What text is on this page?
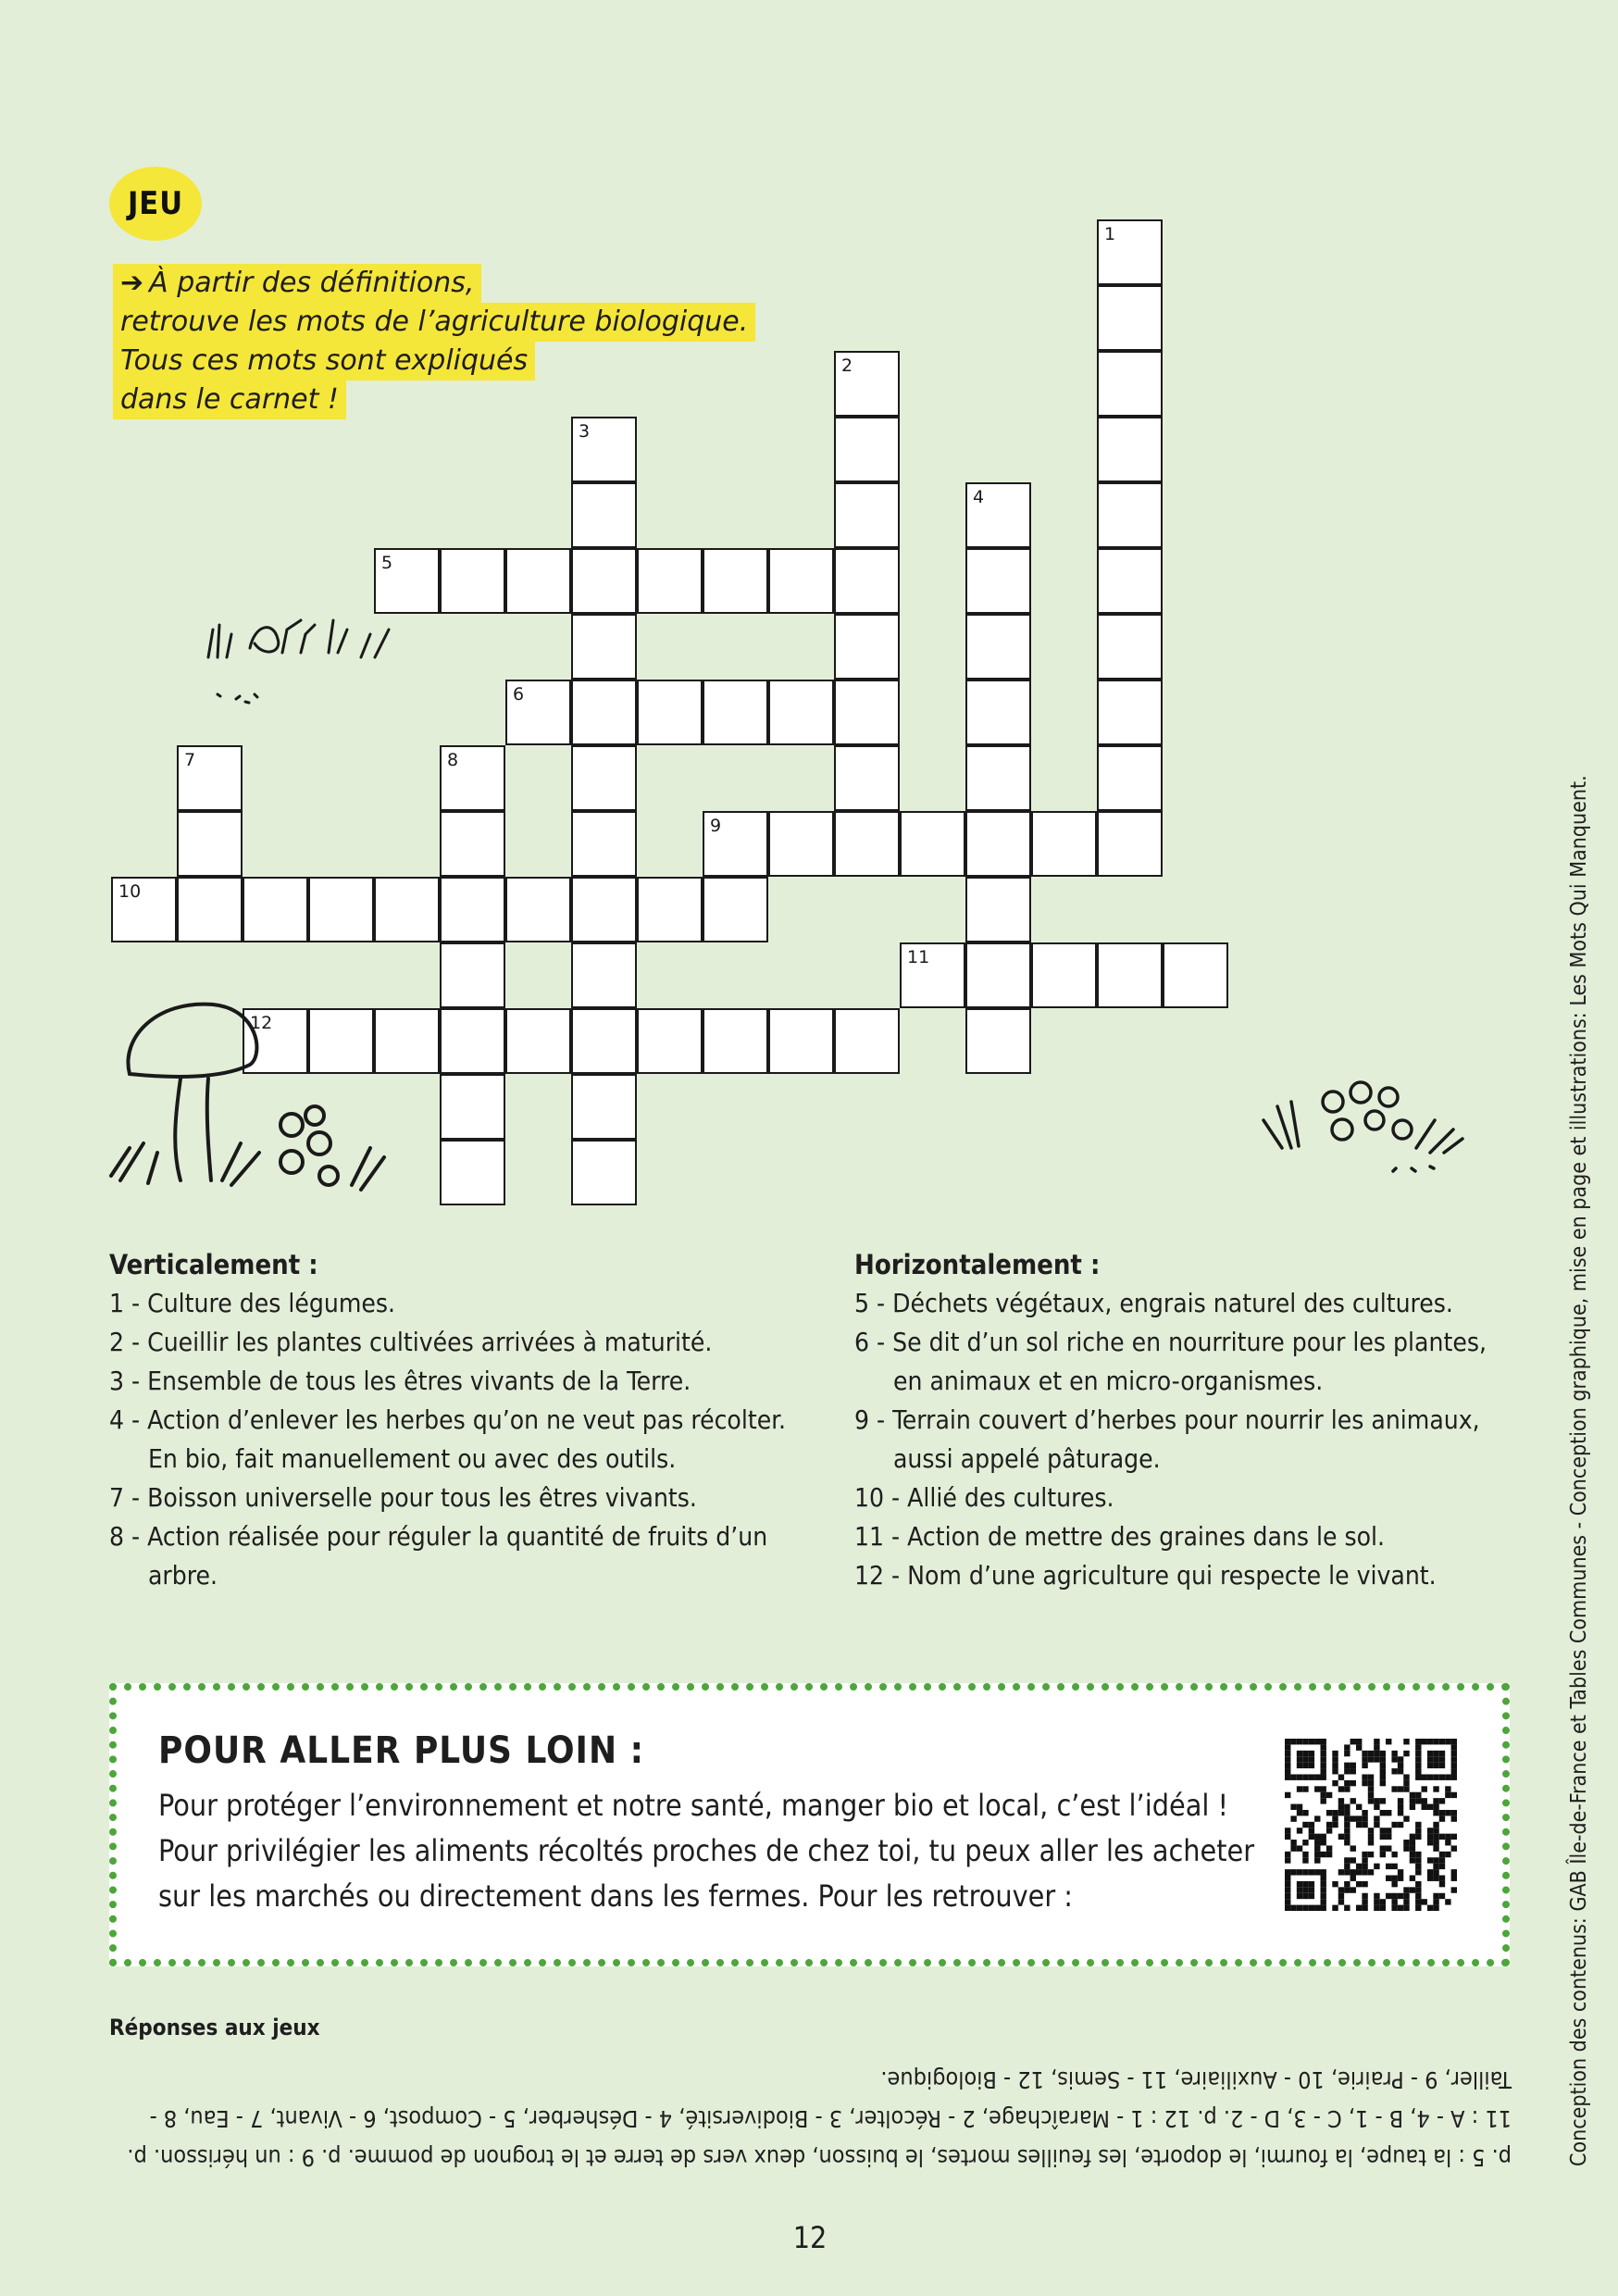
JEU
➔ À partir des définitions,
retrouve les mots de l’agriculture biologique.
Tous ces mots sont expliqués
dans le carnet !
1
2
3
4
5
6
7	8
9
10
11
12
Verticalement :
1 - Culture des légumes.
2 - Cueillir les plantes cultivées arrivées à maturité.
3 - Ensemble de tous les êtres vivants de la Terre.
4 - Action d’enlever les herbes qu’on ne veut pas récolter. En bio, fait manuellement ou avec des outils.
7 - Boisson universelle pour tous les êtres vivants.
8 - Action réalisée pour réguler la quantité de fruits d’un arbre.
Horizontalement :
5 - Déchets végétaux, engrais naturel des cultures.
6 - Se dit d’un sol riche en nourriture pour les plantes, en animaux et en micro-organismes.
9 - Terrain couvert d’herbes pour nourrir les animaux, aussi appelé pâturage.
10 - Allié des cultures.
11 - Action de mettre des graines dans le sol.
12 - Nom d’une agriculture qui respecte le vivant.
POUR ALLER PLUS LOIN :
Pour protéger l’environnement et notre santé, manger bio et local, c’est l’idéal ! Pour privilégier les aliments récoltés proches de chez toi, tu peux aller les acheter sur les marchés ou directement dans les fermes. Pour les retrouver :
Réponses aux jeux
p. 5 : la taupe, la fourmi, le doporte, les feuilles mortes, le buisson, deux vers de terre et le trognon de pomme. p. 9 : un hérisson. p. 11 : A - 4, B - 1, C - 3, D - 2. p. 12 : 1 - Maraîchage, 2 - Récolter, 3 - Biodiversité, 4 - Désherber, 5 - Compost, 6 - Vivant, 7 - Eau, 8 - Tailler, 9 - Prairie, 10 - Auxiliaire, 11 - Semis, 12 - Biologique.
12
Conception des contenus: GAB Île-de-France et Tables Communes - Conception graphique, mise en page et illustrations: Les Mots Qui Manquent.
